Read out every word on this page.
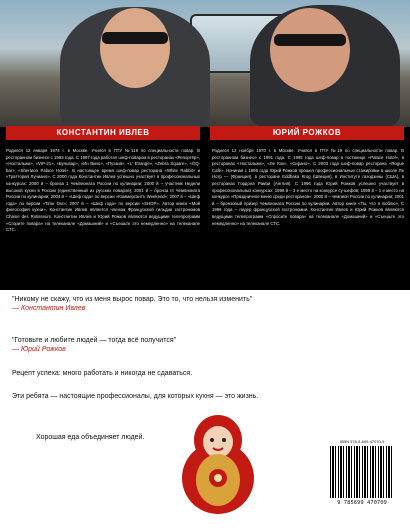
КОНСТАНТИН ИВЛЕВ	ЮРИЙ РОЖКОВ
Родился 12 января 1974 г. в Москве. Учился в ПТУ №119 по специальности повар. В ресторанном бизнесе с 1993 года. С 1997 года работал шеф-поваром в ресторанах «Репортёр», «Ностальжи», «VIP-21», «Бульвар», «Ин Вино», «Пуэзия», «L' Etrange», «Zebra Square», «GQ-bar», «Sheraton Palace Hotel». В настоящее время шеф-повар ресторана «White Rabbit» и «Траттория Лучиано». С 2000 года Константин Ивлев успешно участвует в профессиональных конкурсах: 2000 й – бронза 1 Чемпионата России по кулинарии; 2000 й – участник Недели высокой кухни в России (единственный из русских поваров); 2001 й – бронза III Чемпионата России по кулинарии; 2004 й – «Шеф года» по версии «Коммерсантъ Weekend»; 2007 й – «Шеф года» по версии «Time Out»; 2007 й – «Шеф года» по версии «SHOP». Автор книги «Мой философия кухни». Константин Ивлев является членом Французской гильдии гастрономов Chaine des Rotisseurs. Константин Ивлев и Юрий Рожков являются ведущими телепрограмм «Сгорите поварa» на телеканале «Домашний» и «Съешьте это немедленно» на телеканале СТС.
Родился 12 ноября 1970 г. в Москве. Учился в ПТУ №19 по специальности повар. В ресторанном бизнесе с 1991 года. С 1995 года шеф-повар в гостинице «Palace Hotel», в ресторанах «Ностальжи», «Ле Кок», «Сирано». С 2003 года шеф-повар ресторана «Rogue Café». Начиная с 1996 года Юрий Рожков прошел профессиональные стажировки в школе Ле Нотр — (Франция), в ресторане Eddbaka Krog (Швеция), в Институте гаэодзины (США), в ресторанах Гордона Рамзи (Англия). С 1996 года Юрий Рожков успешно участвует в профессиональных конкурсах: 1996 й – 3 е место на конкурсе су-шефов; 1999 й – 1 е место на конкурсе «Праздничное меню среди ресторанов»; 2000 й – чемпион России по кулинарии; 2001 й – бронзовый призер Чемпионата России по кулинарии. Автор книги «Ты, что я люблю», С 1996 года – лидер французской гастрономии. Константин Ивлев и Юрий Рожков являются ведущими телепрограмм «Спросите повара» на телеканале «Домашний» и «Съешьте это немедленно» на телеканале СТС.
"Никому не скажу, что из меня вырос повар. Это то, что нельзя изменить"
— Константин Ивлев
"Готовьте и любите людей — тогда всё получится"
— Юрий Рожков
Рецепт успеха: много работать и никогда не сдаваться.
Эти ребята — настоящие профессионалы, для которых кухня — это жизнь.
Хорошая еда объединяет людей.
ISBN 978-5-699-47070-9
9 785699 470709
